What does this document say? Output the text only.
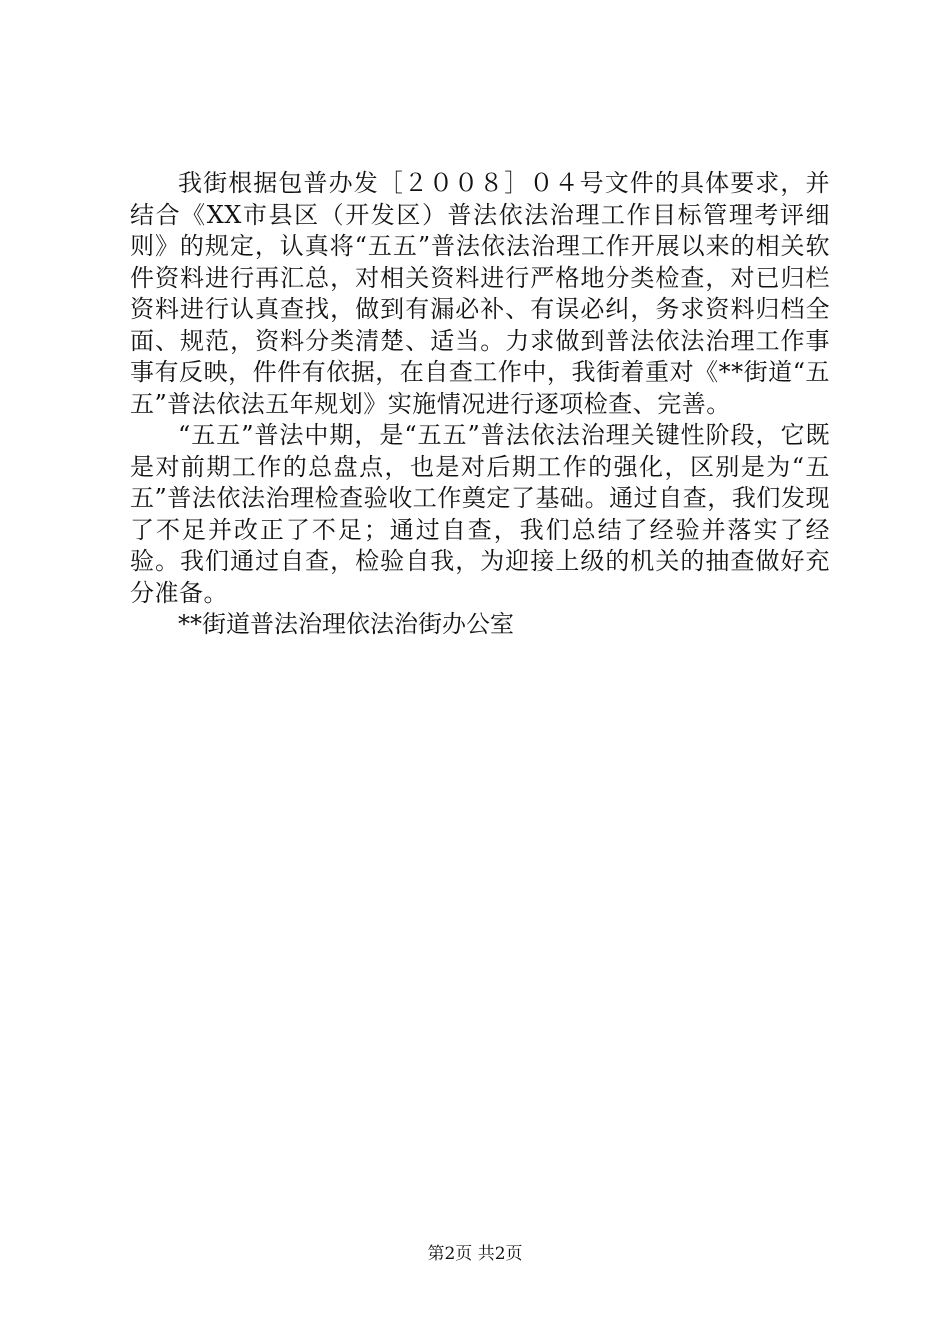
我街根据包普办发［２００８］０４号文件的具体要求，并结合《XX市县区（开发区）普法依法治理工作目标管理考评细则》的规定，认真将“五五”普法依法治理工作开展以来的相关软件资料进行再汇总，对相关资料进行严格地分类检查，对已归栏资料进行认真查找，做到有漏必补、有误必纠，务求资料归档全面、规范，资料分类清楚、适当。力求做到普法依法治理工作事事有反映，件件有依据，在自查工作中，我街着重对《**街道“五五”普法依法五年规划》实施情况进行逐项检查、完善。

“五五”普法中期，是“五五”普法依法治理关键性阶段，它既是对前期工作的总盘点，也是对后期工作的强化，区别是为“五五”普法依法治理检查验收工作奠定了基础。通过自查，我们发现了不足并改正了不足；通过自查，我们总结了经验并落实了经验。我们通过自查，检验自我，为迎接上级的机关的抽查做好充分准备。

**街道普法治理依法治街办公室

第2页 共2页
